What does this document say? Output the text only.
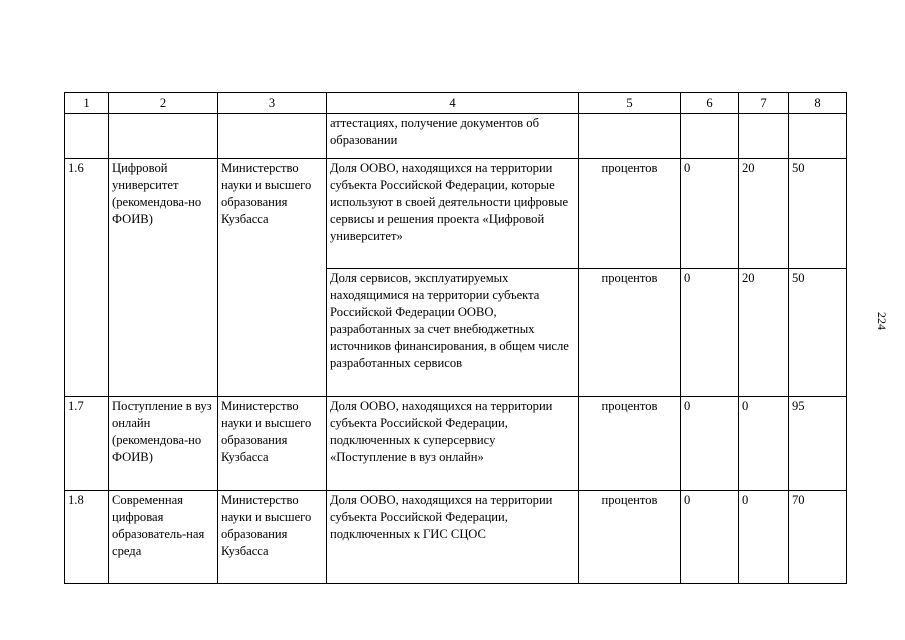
224
1	2	3	4	5	6	7	8
			аттестациях, получение документов об образовании				
1.6	Цифровой университет (рекомендова-но ФОИВ)	Министерство науки и высшего образования Кузбасса	Доля ООВО, находящихся на территории субъекта Российской Федерации, которые используют в своей деятельности цифровые сервисы и решения проекта «Цифровой университет»	процентов	0	20	50
			Доля сервисов, эксплуатируемых находящимися на территории субъекта Российской Федерации ООВО, разработанных за счет внебюджетных источников финансирования, в общем числе разработанных сервисов	процентов	0	20	50
1.7	Поступление в вуз онлайн (рекомендова-но ФОИВ)	Министерство науки и высшего образования Кузбасса	Доля ООВО, находящихся на территории субъекта Российской Федерации, подключенных к суперсервису «Поступление в вуз онлайн»	процентов	0	0	95
1.8	Современная цифровая образователь-ная среда	Министерство науки и высшего образования Кузбасса	Доля ООВО, находящихся на территории субъекта Российской Федерации, подключенных к ГИС СЦОС	процентов	0	0	70
